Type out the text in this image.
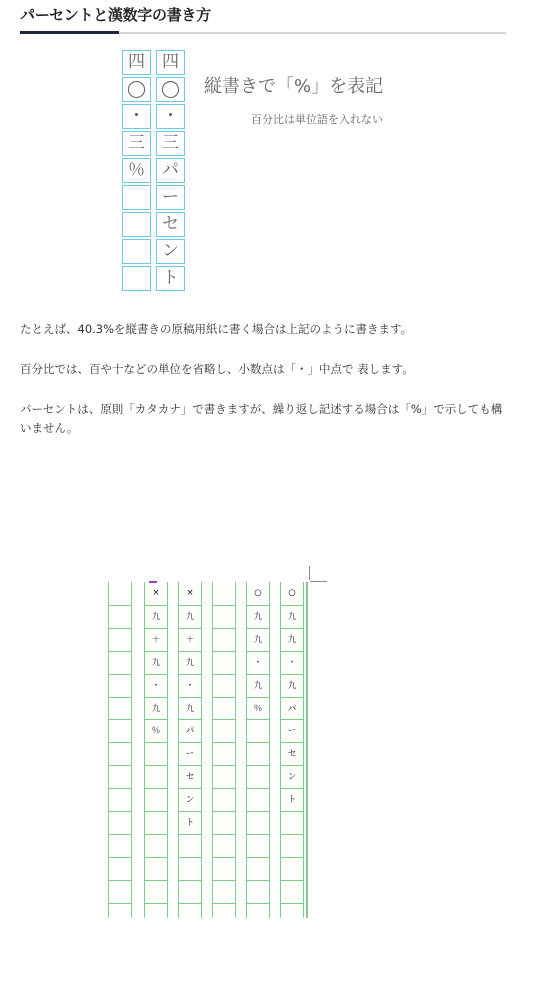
パーセントと漢数字の書き方
四
◯
・
三
％
四
◯
・
三
パ
ー
セ
ン
ト
縦書きで「%」を表記
百分比は単位語を入れない
たとえば、40.3%を縦書きの原稿用紙に書く場合は上記のように書きます。
百分比では、百や十などの単位を省略し、小数点は「・」中点で 表します。
パーセントは、原則「カタカナ」で書きますが、繰り返し記述する場合は「%」で示しても構いません。
×
九
＋
九
・
九
％
×
九
＋
九
・
九
パ
ー
セ
ン
ト
○
九
九
・
九
％
○
九
九
・
九
パ
ー
セ
ン
ト
